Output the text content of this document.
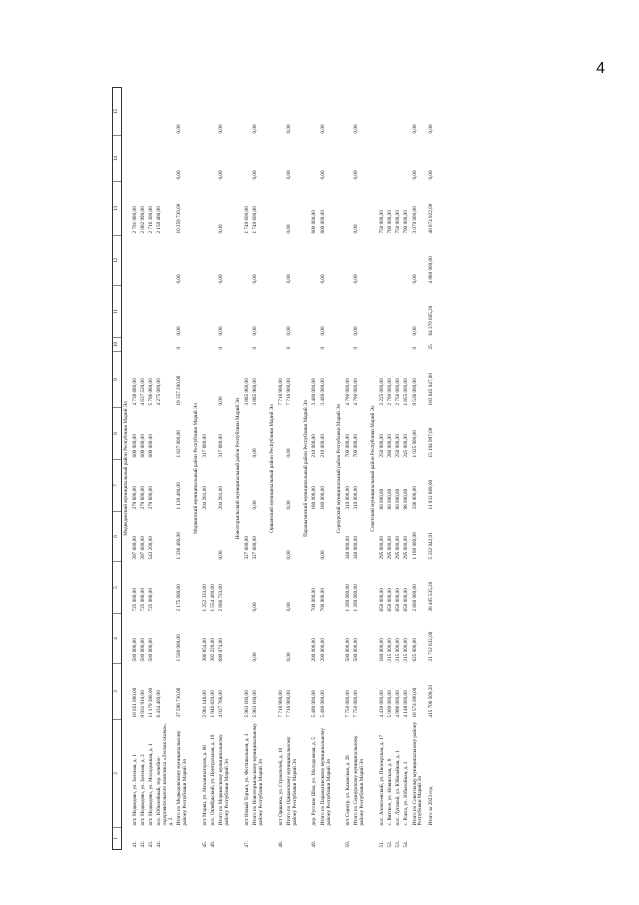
4
1	2	3	4	5	6	7	8	9	10	11	12	13	14	15
Медведевский муниципальный район Республики Марий Эл														
41.	пгт. Медведево, ул. Зеленая, д. 1	10 051 080,00	500 000,00	725 000,00	397 600,00	379 800,00	609 000,00	4 738 680,00				2 701 080,00		
42.	пгт. Медведево, ул. Зеленая, д. 2	9 931 910,00	500 000,00	725 000,00	397 600,00	379 800,00	609 000,00	4 637 520,00				2 082 990,00		
43.	пгт. Медведево, ул. Молодежная, д. 1	11 179 380,00	500 000,00	725 000,00	543 200,00	379 800,00	609 000,00	5 706 080,00				2 716 300,00		
44.	пос. Юбилейный, тер. лечебно-оздоровительного комплекса «Лесная сказка», д. 2	6 434 460,00						4 275 000,00				2 159 460,00		
	Итого по Медведевскому муниципальному району Республики Марий Эл	37 596 730,00	1 500 000,00	2 175 000,00	1 338 400,00	1 139 400,00	1 827 000,00	19 357 200,00	0	0,00	0,00	10 259 730,00	0,00	0,00
Моркинский муниципальный район Республики Марий Эл														
45.	пгт Морки, ул. Механизаторов, д. 66	2 081 148,00	306 854,00	1 252 333,00		204 281,00	317 680,00							
46.	пос. Октябрьский, ул. Центральная, д. 10	1 946 620,00	392 220,00	1 554 400,00										
	Итого по Моркинскому муниципальному району Республики Марий Эл	4 027 768,00	699 074,00	2 806 733,00	0,00	204 281,00	317 680,00	0,00	0	0,00	0,00	0,00	0,00	0,00
Новоторъяльский муниципальный район Республики Марий Эл														
47.	пгт Новый Торъял, ул. Фестивальная, д. 3	5 963 160,00			327 600,00			3 885 960,00				1 749 600,00		
	Итого по Новоторъяльскому муниципальному району Республики Марий Эл	5 963 160,00	0,00	0,00	327 600,00	0,00	0,00	3 885 960,00	0	0,00	0,00	1 749 600,00	0,00	0,00
Оршанский муниципальный район Республики Марий Эл														
48.	пгт Оршанка, ул. Строителей, д. 10	7 716 900,00						7 716 900,00						
	Итого по Оршанскому муниципальному району Республики Марий Эл	7 716 900,00	0,00	0,00	0,00	0,00	0,00	7 716 900,00	0	0,00	0,00	0,00	0,00	0,00
Параньгинский муниципальный район Республики Марий Эл														
49.	дер. Русские Шои, ул. Молодежная, д. 5	5 490 000,00	200 000,00	700 000,00		180 000,00	210 000,00	3 400 000,00				800 000,00		
	Итого по Параньгинскому муниципальному району Республики Марий Эл	5 490 000,00	200 000,00	700 000,00	0,00	180 000,00	210 000,00	3 400 000,00	0	0,00	0,00	800 000,00	0,00	0,00
Сернурский муниципальный район Республики Марий Эл														
50.	пгт Сернур, ул. Казанская, д. 28	7 750 000,00	500 000,00	1 200 000,00	340 000,00	310 000,00	700 000,00	4 700 000,00						
	Итого по Сернурскому муниципальному району Республики Марий Эл	7 750 000,00	500 000,00	1 200 000,00	340 000,00	310 000,00	700 000,00	4 700 000,00	0	0,00	0,00	0,00	0,00	0,00
Советский муниципальный район Республики Марий Эл														
51.	пос. Алексеевский, ул. Пионерская, д. 17	4 430 000,00	180 000,00	650 000,00	295 000,00	80 000,00	250 000,00	2 225 000,00				750 000,00		
52.	с. Вятское, ул. Новинская, д. 8	5 000 000,00	215 000,00	650 000,00	295 000,00	80 000,00	280 000,00	2 700 000,00				780 000,00		
53.	пос. Луговой, ул. Юбилейная, д. 1	4 996 000,00	215 000,00	650 000,00	295 000,00	80 000,00	250 000,00	2 756 000,00				750 000,00		
54.	с. Ронга, ул. Юбилейная, д. 1	4 148 000,00	215 000,00	650 000,00	295 000,00	98 000,00	245 000,00	1 855 000,00				790 000,00		
	Итого по Советскому муниципальному району Республики Марий Эл	18 574 000,00	825 000,00	2 600 000,00	1 180 000,00	338 000,00	1 025 000,00	9 536 000,00	0	0,00	0,00	3 070 000,00	0,00	0,00
	Итого за 2023 год	415 706 569,20	21 712 632,00	38 405 535,20	5 332 042,01	11 032 869,00	15 194 097,00	193 645 047,00	25	84 370 605,20	4 980 000,00	40 874 922,00	0,00	0,00
